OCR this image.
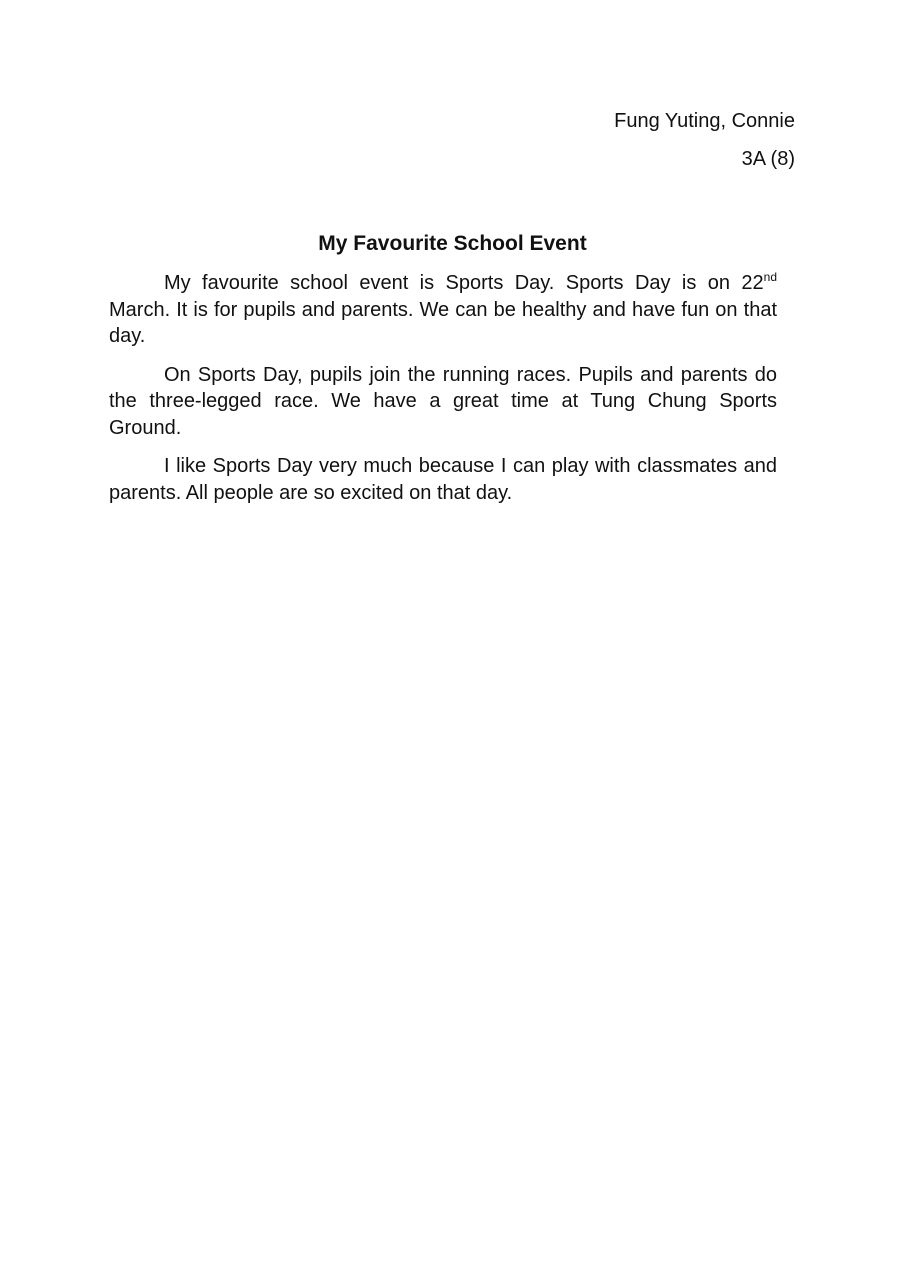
Fung Yuting, Connie
3A (8)
My Favourite School Event

My favourite school event is Sports Day. Sports Day is on 22nd March. It is for pupils and parents. We can be healthy and have fun on that day.

On Sports Day, pupils join the running races. Pupils and parents do the three-legged race. We have a great time at Tung Chung Sports Ground.

I like Sports Day very much because I can play with classmates and parents. All people are so excited on that day.
